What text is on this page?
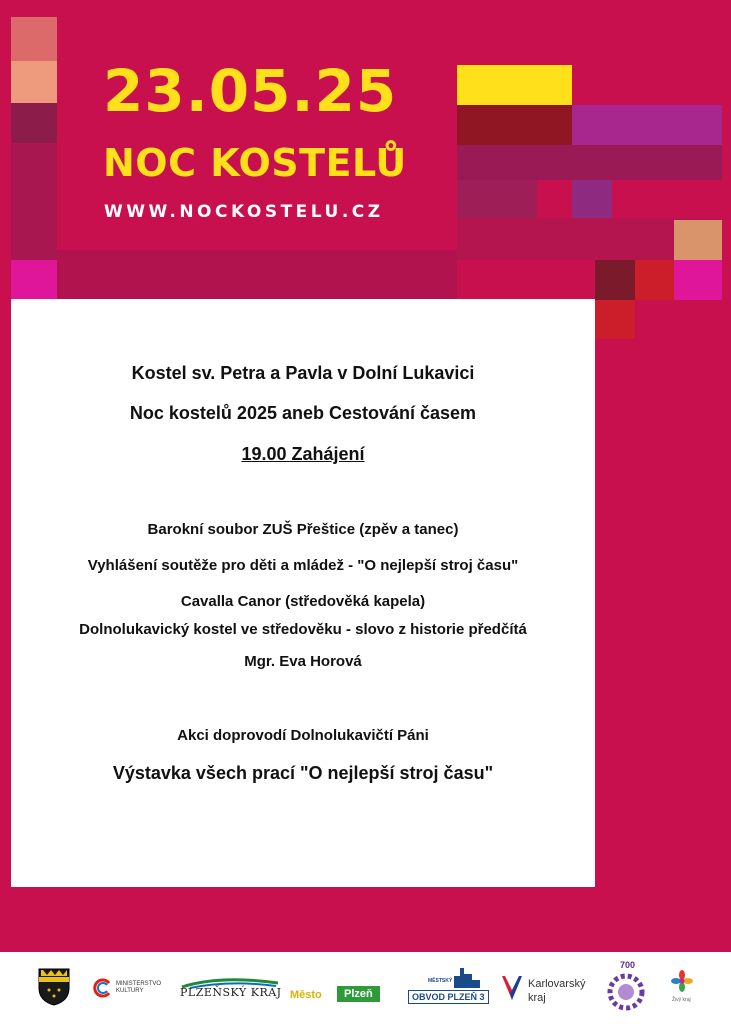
23.05.25
NOC KOSTELŮ
WWW.NOCKOSTELU.CZ
Kostel sv. Petra a Pavla v Dolní Lukavici
Noc kostelů 2025 aneb Cestování časem
19.00 Zahájení
Barokní soubor ZUŠ Přeštice (zpěv a tanec)
Vyhlášení soutěže pro děti a mládež - "O nejlepší stroj času"
Cavalla Canor (středověká kapela)
Dolnolukavický kostel ve středověku - slovo z historie předčítá
Mgr. Eva Horová
Akci doprovodí Dolnolukavičtí Páni
Výstavka všech prací "O nejlepší stroj času"
MINISTERSTVO KULTURY	PLZEŇSKÝ KRAJ Město	Plzeň
MĚSTSKÝ
OBVOD PLZEŇ 3
Karlovarský
kraj
700
Živý kraj
